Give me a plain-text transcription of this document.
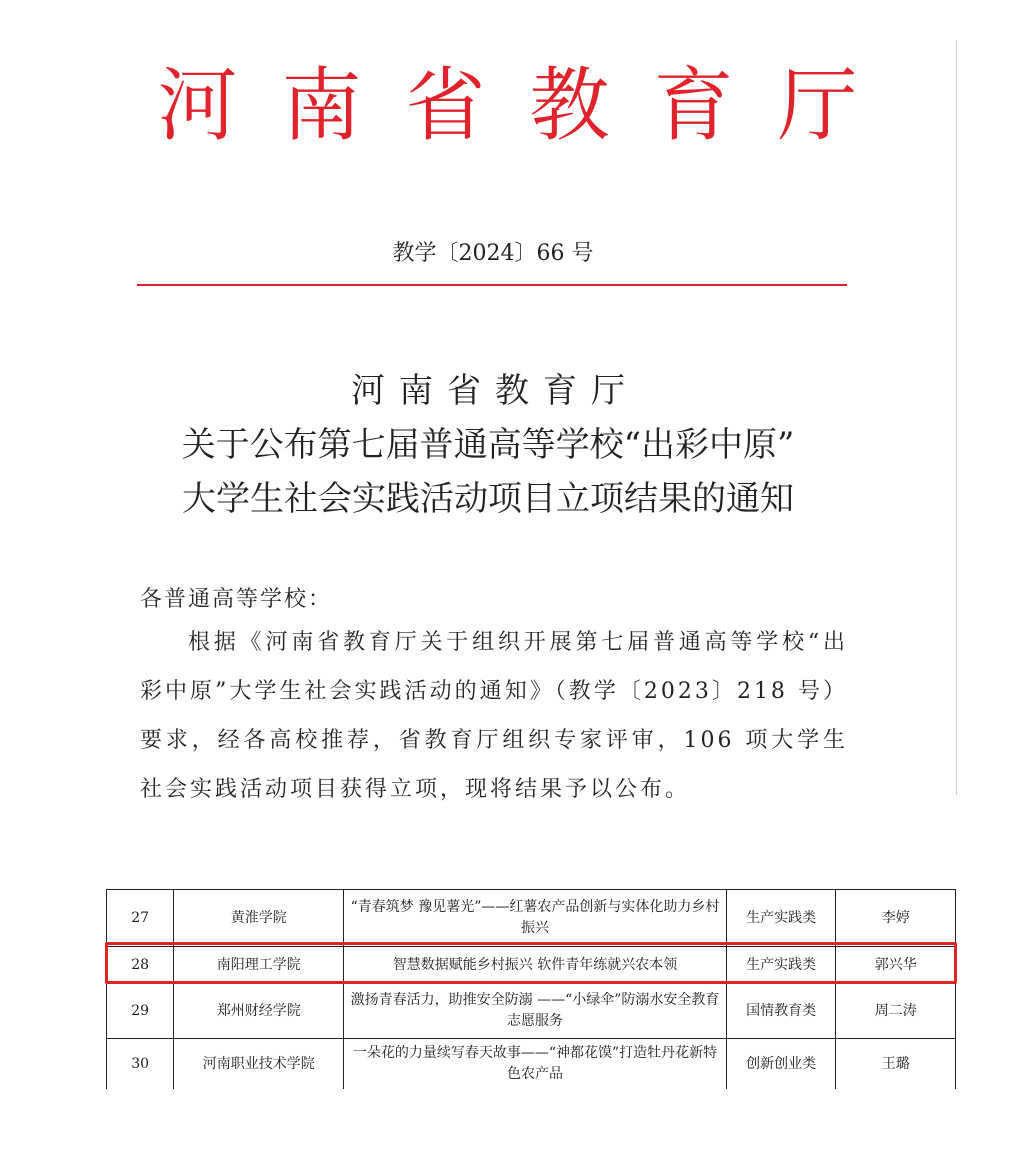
河南省教育厅
教学〔2024〕66 号
河南省教育厅
关于公布第七届普通高等学校“出彩中原”
大学生社会实践活动项目立项结果的通知
各普通高等学校：
根据《河南省教育厅关于组织开展第七届普通高等学校“出彩中原”大学生社会实践活动的通知》（教学〔2023〕218 号）要求，经各高校推荐，省教育厅组织专家评审，106 项大学生社会实践活动项目获得立项，现将结果予以公布。
27	黄淮学院	“青春筑梦 豫见薯光”——红薯农产品创新与实体化助力乡村振兴	生产实践类	李婷
28	南阳理工学院	智慧数据赋能乡村振兴 软件青年练就兴农本领	生产实践类	郭兴华
29	郑州财经学院	激扬青春活力，助推安全防溺 ——“小绿伞”防溺水安全教育志愿服务	国情教育类	周二涛
30	河南职业技术学院	一朵花的力量续写春天故事——“神都花馍”打造牡丹花新特色农产品	创新创业类	王璐
